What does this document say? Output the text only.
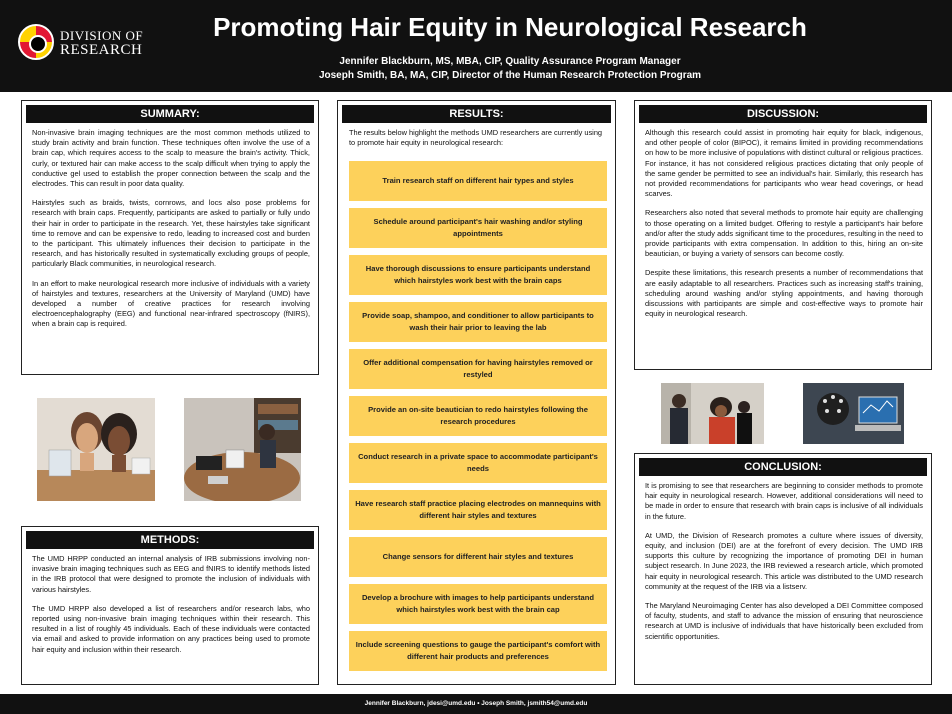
DIVISION OF
RESEARCH
Promoting Hair Equity in Neurological Research
Jennifer Blackburn, MS, MBA, CIP, Quality Assurance Program Manager
Joseph Smith, BA, MA, CIP, Director of the Human Research Protection Program
SUMMARY:

Non-invasive brain imaging techniques are the most common methods utilized to study brain activity and brain function. These techniques often involve the use of a brain cap, which requires access to the scalp to measure the brain's activity. Thick, curly, or textured hair can make access to the scalp difficult when trying to apply the conductive gel used to establish the proper connection between the scalp and the electrodes. This can result in poor data quality.

Hairstyles such as braids, twists, cornrows, and locs also pose problems for research with brain caps. Frequently, participants are asked to partially or fully undo their hair in order to participate in the research. Yet, these hairstyles take significant time to remove and can be expensive to redo, leading to increased cost and burden to the participant. This ultimately influences their decision to participate in the research, and has historically resulted in systematically excluding groups of people, particularly Black communities, in neurological research.

In an effort to make neurological research more inclusive of individuals with a variety of hairstyles and textures, researchers at the University of Maryland (UMD) have developed a number of creative practices for research involving electroencephalography (EEG) and functional near-infrared spectroscopy (fNIRS), when a brain cap is required.

METHODS:

The UMD HRPP conducted an internal analysis of IRB submissions involving non-invasive brain imaging techniques such as EEG and fNIRS to identify methods listed in the IRB protocol that were designed to promote the inclusion of individuals with various hairstyles.

The UMD HRPP also developed a list of researchers and/or research labs, who reported using non-invasive brain imaging techniques within their research. This resulted in a list of roughly 45 individuals. Each of these individuals were contacted via email and asked to provide information on any practices being used to promote hair equity and inclusion within their research.

RESULTS:
The results below highlight the methods UMD researchers are currently using to promote hair equity in neurological research:
Train research staff on different hair types and styles
Schedule around participant's hair washing and/or styling appointments
Have thorough discussions to ensure participants understand which hairstyles work best with the brain caps
Provide soap, shampoo, and conditioner to allow participants to wash their hair prior to leaving the lab
Offer additional compensation for having hairstyles removed or restyled
Provide an on-site beautician to redo hairstyles following the research procedures
Conduct research in a private space to accommodate participant's needs
Have research staff practice placing electrodes on mannequins with different hair styles and textures
Change sensors for different hair styles and textures
Develop a brochure with images to help participants understand which hairstyles work best with the brain cap
Include screening questions to gauge the participant's comfort with different hair products and preferences
DISCUSSION:

Although this research could assist in promoting hair equity for black, indigenous, and other people of color (BIPOC), it remains limited in providing recommendations on how to be more inclusive of populations with distinct cultural or religious practices. For instance, it has not considered religious practices dictating that only people of the same gender be permitted to see an individual's hair. Similarly, this research has not provided recommendations for participants who wear head coverings, or head scarves.

Researchers also noted that several methods to promote hair equity are challenging to those operating on a limited budget. Offering to restyle a participant's hair before and/or after the study adds significant time to the procedures, resulting in the need to provide participants with extra compensation. In addition to this, hiring an on-site beautician, or buying a variety of sensors can become costly.

Despite these limitations, this research presents a number of recommendations that are easily adaptable to all researchers. Practices such as increasing staff's training, scheduling around washing and/or styling appointments, and having thorough discussions with participants are simple and cost-effective ways to promote hair equity in neurological research.

CONCLUSION:

It is promising to see that researchers are beginning to consider methods to promote hair equity in neurological research. However, additional considerations will need to be made in order to ensure that research with brain caps is inclusive of all individuals in the future.

At UMD, the Division of Research promotes a culture where issues of diversity, equity, and inclusion (DEI) are at the forefront of every decision. The UMD IRB supports this culture by recognizing the importance of promoting DEI in human subject research. In June 2023, the IRB reviewed a research article, which promoted hair equity in neurological research. This article was distributed to the UMD research community at the request of the IRB via a listserv.

The Maryland Neuroimaging Center has also developed a DEI Committee composed of faculty, students, and staff to advance the mission of ensuring that neuroscience research at UMD is inclusive of individuals that have historically been excluded from scientific opportunities.

Jennifer Blackburn, jdesi@umd.edu • Joseph Smith, jsmith54@umd.edu
